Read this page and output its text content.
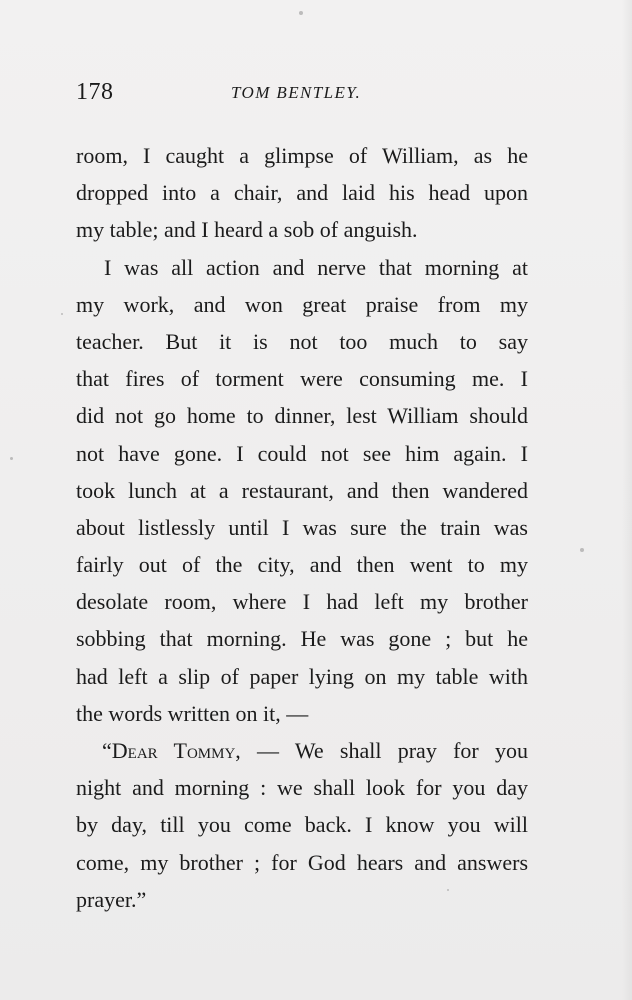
178	TOM BENTLEY.
room, I caught a glimpse of William, as he
dropped into a chair, and laid his head upon
my table; and I heard a sob of anguish.
I was all action and nerve that morning at
my work, and won great praise from my
teacher. But it is not too much to say
that fires of torment were consuming me. I
did not go home to dinner, lest William should
not have gone. I could not see him again. I
took lunch at a restaurant, and then wandered
about listlessly until I was sure the train was
fairly out of the city, and then went to my
desolate room, where I had left my brother
sobbing that morning. He was gone ; but he
had left a slip of paper lying on my table with
the words written on it, —
“Dear Tommy, — We shall pray for you
night and morning : we shall look for you day
by day, till you come back. I know you will
come, my brother ; for God hears and answers
prayer.”
